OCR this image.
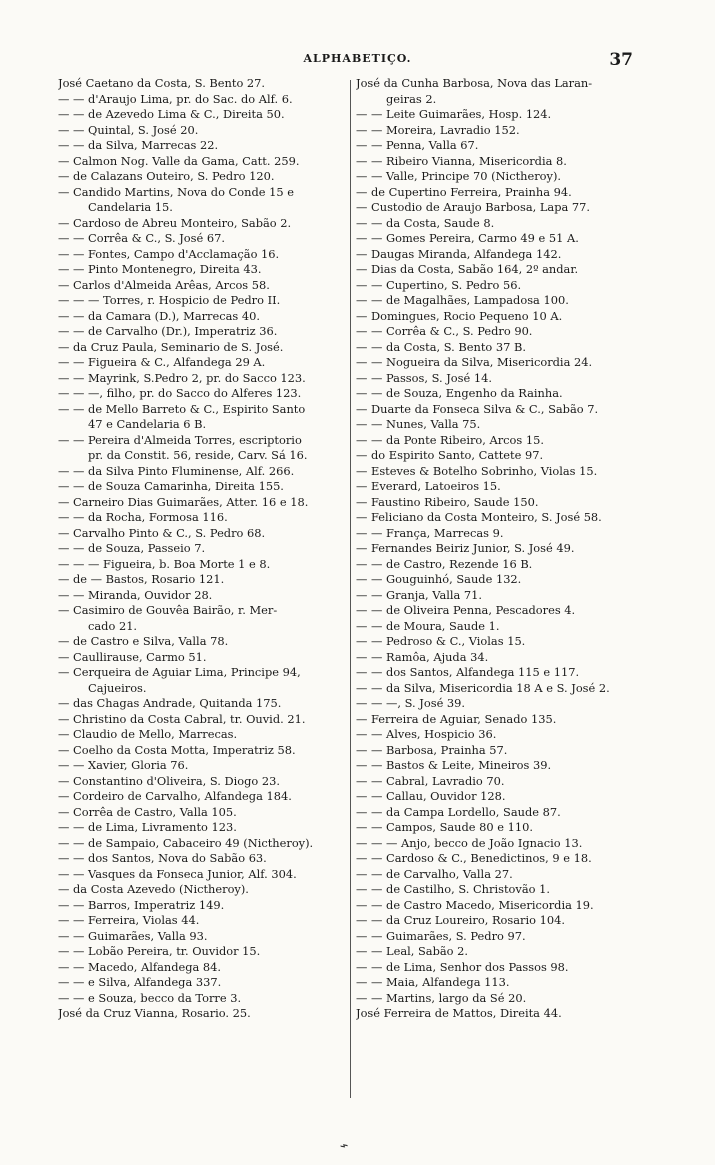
ALPHABETIÇO.	37
José Caetano da Costa, S. Bento 27.
— — d'Araujo Lima, pr. do Sac. do Alf. 6.
— — de Azevedo Lima & C., Direita 50.
— — Quintal, S. José 20.
— — da Silva, Marrecas 22.
— Calmon Nog. Valle da Gama, Catt. 259.
— de Calazans Outeiro, S. Pedro 120.
— Candido Martins, Nova do Conde 15 e
Candelaria 15.
— Cardoso de Abreu Monteiro, Sabão 2.
— — Corrêa & C., S. José 67.
— — Fontes, Campo d'Acclamação 16.
— — Pinto Montenegro, Direita 43.
— Carlos d'Almeida Arêas, Arcos 58.
— — — Torres, r. Hospicio de Pedro II.
— — da Camara (D.), Marrecas 40.
— — de Carvalho (Dr.), Imperatriz 36.
— da Cruz Paula, Seminario de S. José.
— — Figueira & C., Alfandega 29 A.
— — Mayrink, S.Pedro 2, pr. do Sacco 123.
— — —, filho, pr. do Sacco do Alferes 123.
— — de Mello Barreto & C., Espirito Santo
47 e Candelaria 6 B.
— — Pereira d'Almeida Torres, escriptorio
pr. da Constit. 56, reside, Carv. Sá 16.
— — da Silva Pinto Fluminense, Alf. 266.
— — de Souza Camarinha, Direita 155.
— Carneiro Dias Guimarães, Atter. 16 e 18.
— — da Rocha, Formosa 116.
— Carvalho Pinto & C., S. Pedro 68.
— — de Souza, Passeio 7.
— — — Figueira, b. Boa Morte 1 e 8.
— de — Bastos, Rosario 121.
— — Miranda, Ouvidor 28.
— Casimiro de Gouvêa Bairão, r. Mer-
cado 21.
— de Castro e Silva, Valla 78.
— Caullirause, Carmo 51.
— Cerqueira de Aguiar Lima, Principe 94,
Cajueiros.
— das Chagas Andrade, Quitanda 175.
— Christino da Costa Cabral, tr. Ouvid. 21.
— Claudio de Mello, Marrecas.
— Coelho da Costa Motta, Imperatriz 58.
— — Xavier, Gloria 76.
— Constantino d'Oliveira, S. Diogo 23.
— Cordeiro de Carvalho, Alfandega 184.
— Corrêa de Castro, Valla 105.
— — de Lima, Livramento 123.
— — de Sampaio, Cabaceiro 49 (Nictheroy).
— — dos Santos, Nova do Sabão 63.
— — Vasques da Fonseca Junior, Alf. 304.
— da Costa Azevedo (Nictheroy).
— — Barros, Imperatriz 149.
— — Ferreira, Violas 44.
— — Guimarães, Valla 93.
— — Lobão Pereira, tr. Ouvidor 15.
— — Macedo, Alfandega 84.
— — e Silva, Alfandega 337.
— — e Souza, becco da Torre 3.
José da Cruz Vianna, Rosario. 25.
José da Cunha Barbosa, Nova das Laran-
geiras 2.
— — Leite Guimarães, Hosp. 124.
— — Moreira, Lavradio 152.
— — Penna, Valla 67.
— — Ribeiro Vianna, Misericordia 8.
— — Valle, Principe 70 (Nictheroy).
— de Cupertino Ferreira, Prainha 94.
— Custodio de Araujo Barbosa, Lapa 77.
— — da Costa, Saude 8.
— — Gomes Pereira, Carmo 49 e 51 A.
— Daugas Miranda, Alfandega 142.
— Dias da Costa, Sabão 164, 2º andar.
— — Cupertino, S. Pedro 56.
— — de Magalhães, Lampadosa 100.
— Domingues, Rocio Pequeno 10 A.
— — Corrêa & C., S. Pedro 90.
— — da Costa, S. Bento 37 B.
— — Nogueira da Silva, Misericordia 24.
— — Passos, S. José 14.
— — de Souza, Engenho da Rainha.
— Duarte da Fonseca Silva & C., Sabão 7.
— — Nunes, Valla 75.
— — da Ponte Ribeiro, Arcos 15.
— do Espirito Santo, Cattete 97.
— Esteves & Botelho Sobrinho, Violas 15.
— Everard, Latoeiros 15.
— Faustino Ribeiro, Saude 150.
— Feliciano da Costa Monteiro, S. José 58.
— — França, Marrecas 9.
— Fernandes Beiriz Junior, S. José 49.
— — de Castro, Rezende 16 B.
— — Gouguinhó, Saude 132.
— — Granja, Valla 71.
— — de Oliveira Penna, Pescadores 4.
— — de Moura, Saude 1.
— — Pedroso & C., Violas 15.
— — Ramôa, Ajuda 34.
— — dos Santos, Alfandega 115 e 117.
— — da Silva, Misericordia 18 A e S. José 2.
— — —, S. José 39.
— Ferreira de Aguiar, Senado 135.
— — Alves, Hospicio 36.
— — Barbosa, Prainha 57.
— — Bastos & Leite, Mineiros 39.
— — Cabral, Lavradio 70.
— — Callau, Ouvidor 128.
— — da Campa Lordello, Saude 87.
— — Campos, Saude 80 e 110.
— — — Anjo, becco de João Ignacio 13.
— — Cardoso & C., Benedictinos, 9 e 18.
— — de Carvalho, Valla 27.
— — de Castilho, S. Christovão 1.
— — de Castro Macedo, Misericordia 19.
— — da Cruz Loureiro, Rosario 104.
— — Guimarães, S. Pedro 97.
— — Leal, Sabão 2.
— — de Lima, Senhor dos Passos 98.
— — Maia, Alfandega 113.
— — Martins, largo da Sé 20.
José Ferreira de Mattos, Direita 44.
⌁
